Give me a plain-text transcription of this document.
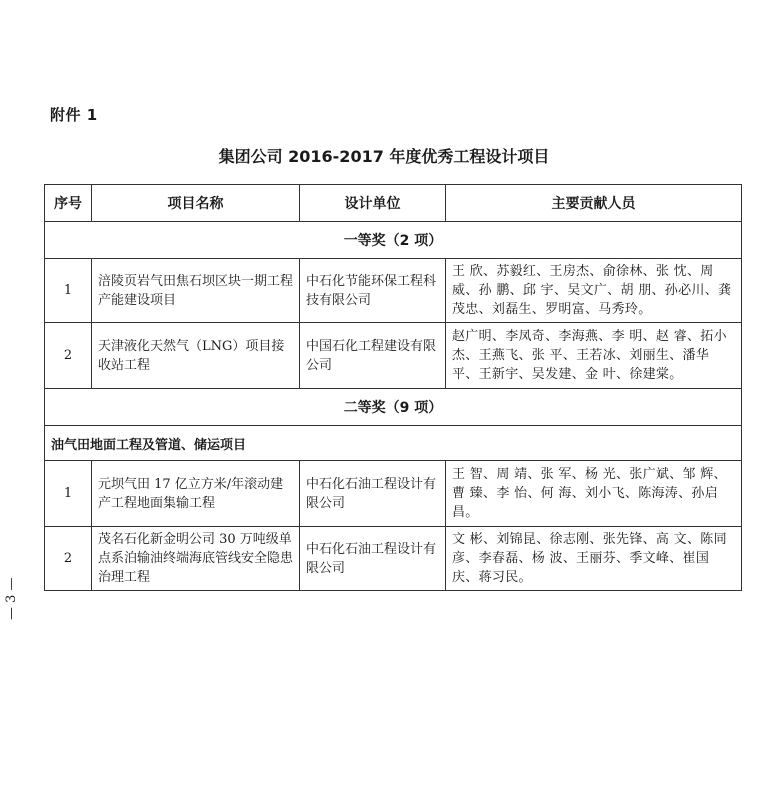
附件 1
集团公司 2016-2017 年度优秀工程设计项目
序号	项目名称	设计单位	主要贡献人员
一等奖（2 项）			
1	涪陵页岩气田焦石坝区块一期工程产能建设项目	中石化节能环保工程科技有限公司	王 欣、苏毅红、王房杰、俞徐林、张 忱、周 威、孙 鹏、邱 宇、吴文广、胡 朋、孙必川、龚茂忠、刘磊生、罗明富、马秀玲。
2	天津液化天然气（LNG）项目接收站工程	中国石化工程建设有限公司	赵广明、李凤奇、李海燕、李 明、赵 睿、拓小杰、王燕飞、张 平、王若冰、刘丽生、潘华平、王新宇、吴发建、金 叶、徐建棠。
二等奖（9 项）			
油气田地面工程及管道、储运项目			
1	元坝气田 17 亿立方米/年滚动建产工程地面集输工程	中石化石油工程设计有限公司	王 智、周 靖、张 军、杨 光、张广斌、邹 辉、曹 臻、李 怡、何 海、刘小飞、陈海涛、孙启昌。
2	茂名石化新金明公司 30 万吨级单点系泊输油终端海底管线安全隐患治理工程	中石化石油工程设计有限公司	文 彬、刘锦昆、徐志刚、张先锋、高 文、陈同彦、李春磊、杨 波、王丽芬、季文峰、崔国庆、蒋习民。
— 3 —
